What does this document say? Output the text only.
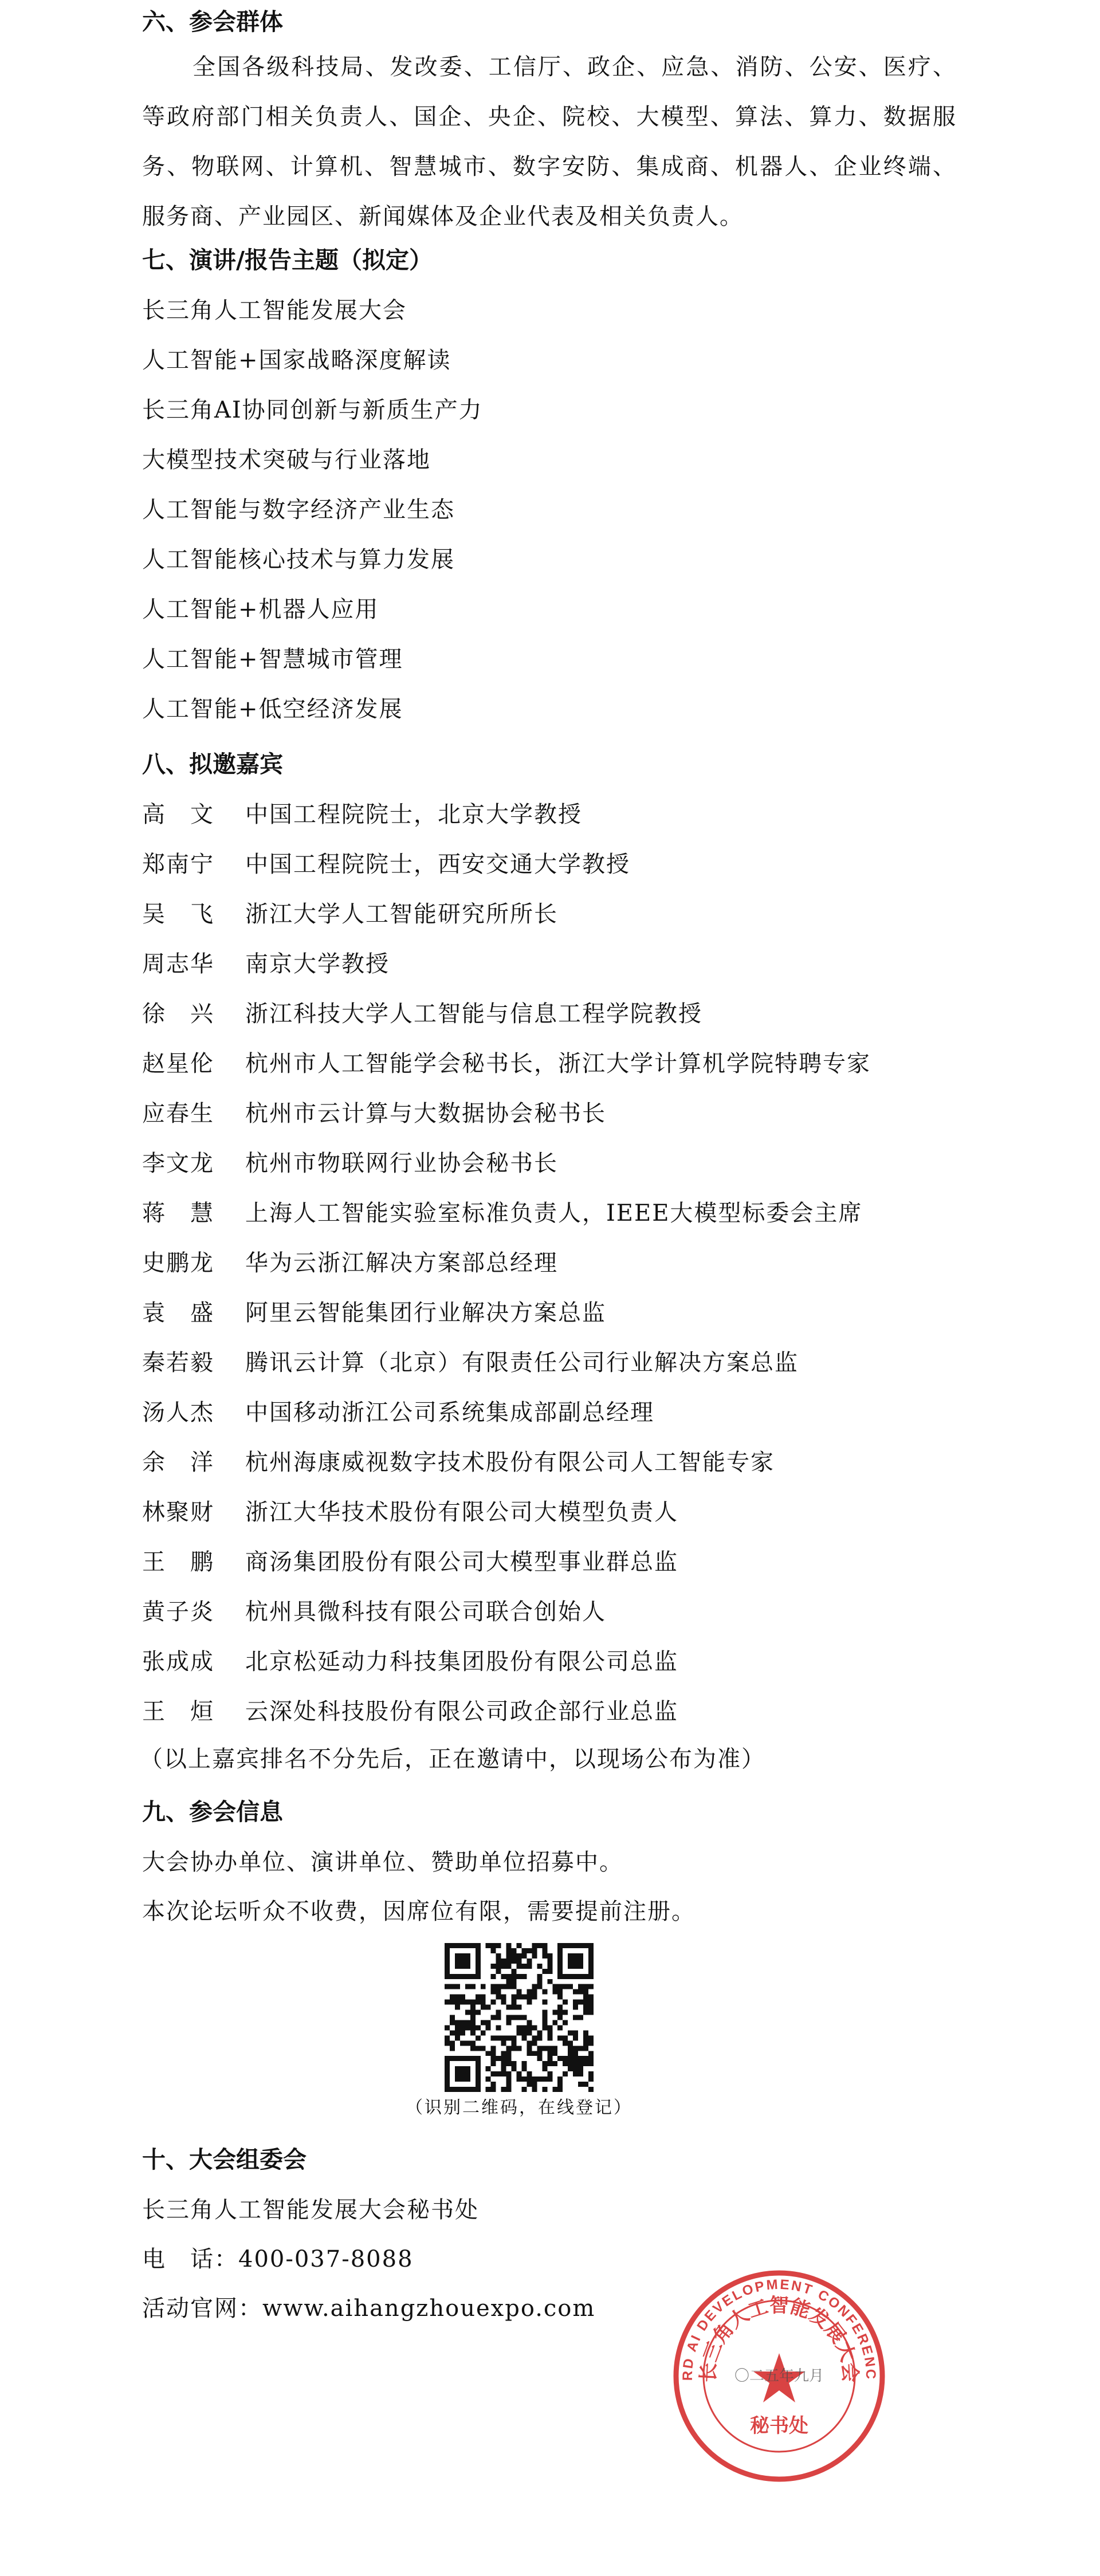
六、参会群体

全国各级科技局、发改委、工信厅、政企、应急、消防、公安、医疗、等政府部门相关负责人、国企、央企、院校、大模型、算法、算力、数据服务、物联网、计算机、智慧城市、数字安防、集成商、机器人、企业终端、服务商、产业园区、新闻媒体及企业代表及相关负责人。

七、演讲/报告主题（拟定）
长三角人工智能发展大会
人工智能+国家战略深度解读
长三角AI协同创新与新质生产力
大模型技术突破与行业落地
人工智能与数字经济产业生态
人工智能核心技术与算力发展
人工智能+机器人应用
人工智能+智慧城市管理
人工智能+低空经济发展
八、拟邀嘉宾
高　文	中国工程院院士，北京大学教授
郑南宁	中国工程院院士，西安交通大学教授
吴　飞	浙江大学人工智能研究所所长
周志华	南京大学教授
徐　兴	浙江科技大学人工智能与信息工程学院教授
赵星伦	杭州市人工智能学会秘书长，浙江大学计算机学院特聘专家
应春生	杭州市云计算与大数据协会秘书长
李文龙	杭州市物联网行业协会秘书长
蒋　慧	上海人工智能实验室标准负责人，IEEE大模型标委会主席
史鹏龙	华为云浙江解决方案部总经理
袁　盛	阿里云智能集团行业解决方案总监
秦若毅	腾讯云计算（北京）有限责任公司行业解决方案总监
汤人杰	中国移动浙江公司系统集成部副总经理
余　洋	杭州海康威视数字技术股份有限公司人工智能专家
林聚财	浙江大华技术股份有限公司大模型负责人
王　鹏	商汤集团股份有限公司大模型事业群总监
黄子炎	杭州具微科技有限公司联合创始人
张成成	北京松延动力科技集团股份有限公司总监
王　烜	云深处科技股份有限公司政企部行业总监
（以上嘉宾排名不分先后，正在邀请中，以现场公布为准）
九、参会信息
大会协办单位、演讲单位、赞助单位招募中。
本次论坛听众不收费，因席位有限，需要提前注册。
（识别二维码，在线登记）
十、大会组委会
长三角人工智能发展大会秘书处
电　话：400-037-8088
活动官网：www.aihangzhouexpo.com
RD AI DEVELOPMENT CONFERENC
长三角人工智能发展大会
〇二五年九月
秘书处
